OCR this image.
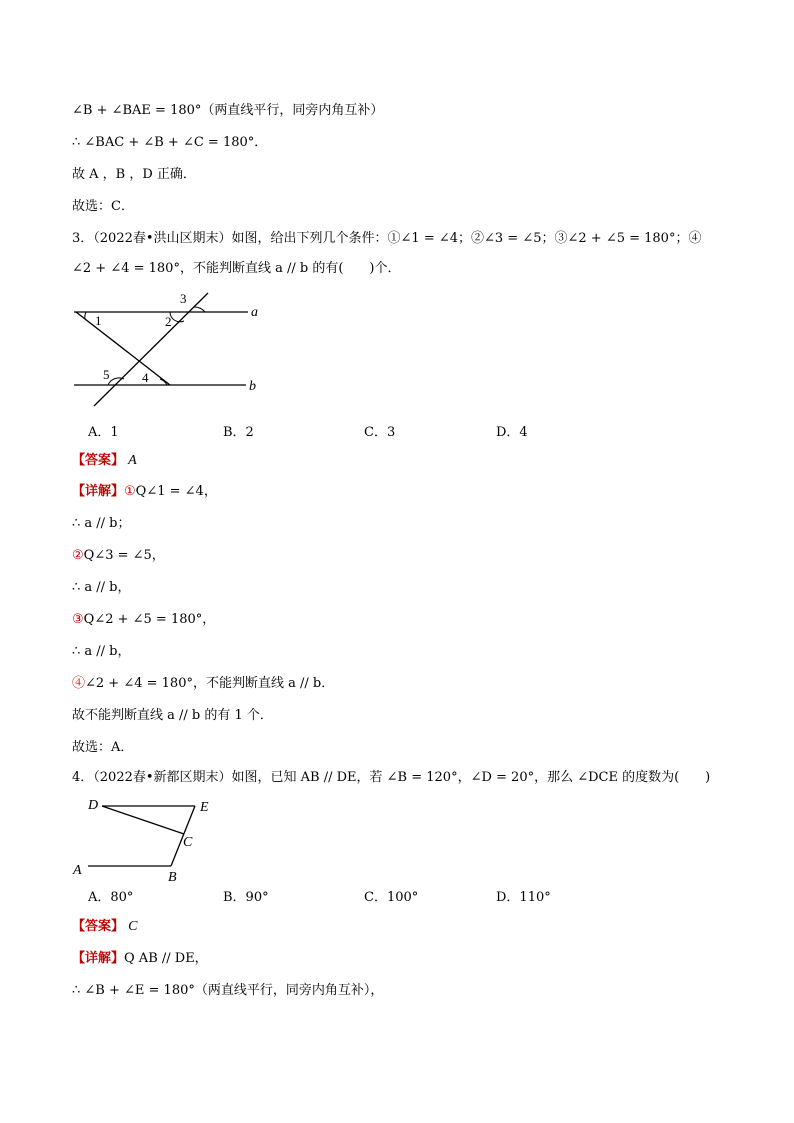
∠B + ∠BAE = 180°（两直线平行，同旁内角互补）
∴ ∠BAC + ∠B + ∠C = 180°．
故 A ，B ，D 正确．
故选：C．
3．（2022春•洪山区期末）如图，给出下列几个条件：①∠1 = ∠4；②∠3 = ∠5；③∠2 + ∠5 = 180°；④
∠2 + ∠4 = 180°，不能判断直线 a // b 的有(　　)个．
1	2
3
4
5
a
b
A．1	B．2	C．3	D．4
【答案】 A
【详解】①Q∠1 = ∠4，
∴ a // b；
②Q∠3 = ∠5，
∴ a // b，
③Q∠2 + ∠5 = 180°，
∴ a // b，
④∠2 + ∠4 = 180°，不能判断直线 a // b．
故不能判断直线 a // b 的有 1 个．
故选：A．
4．（2022春•新都区期末）如图，已知 AB // DE，若 ∠B = 120°，∠D = 20°，那么 ∠DCE 的度数为(　　)
D	E
C
A	B
A．80°	B．90°	C．100°	D．110°
【答案】 C
【详解】Q AB // DE，
∴ ∠B + ∠E = 180°（两直线平行，同旁内角互补），
